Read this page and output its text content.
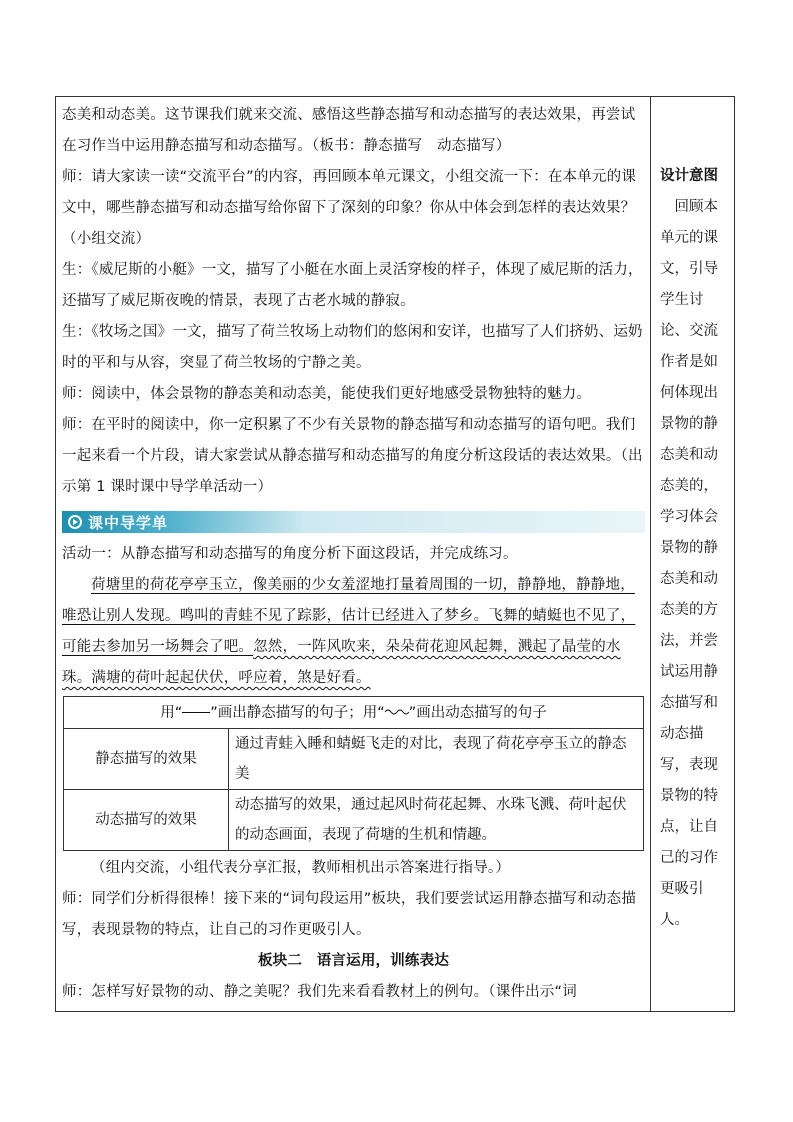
态美和动态美。这节课我们就来交流、感悟这些静态描写和动态描写的表达效果，再尝试在习作当中运用静态描写和动态描写。（板书：静态描写　动态描写）

师：请大家读一读“交流平台”的内容，再回顾本单元课文，小组交流一下：在本单元的课文中，哪些静态描写和动态描写给你留下了深刻的印象？你从中体会到怎样的表达效果？（小组交流）

生：《威尼斯的小艇》一文，描写了小艇在水面上灵活穿梭的样子，体现了威尼斯的活力，还描写了威尼斯夜晚的情景，表现了古老水城的静寂。

生：《牧场之国》一文，描写了荷兰牧场上动物们的悠闲和安详，也描写了人们挤奶、运奶时的平和与从容，突显了荷兰牧场的宁静之美。

师：阅读中，体会景物的静态美和动态美，能使我们更好地感受景物独特的魅力。

师：在平时的阅读中，你一定积累了不少有关景物的静态描写和动态描写的语句吧。我们一起来看一个片段，请大家尝试从静态描写和动态描写的角度分析这段话的表达效果。（出示第 1 课时课中导学单活动一）

课中导学单

活动一：从静态描写和动态描写的角度分析下面这段话，并完成练习。

荷塘里的荷花亭亭玉立，像美丽的少女羞涩地打量着周围的一切，静静地，静静地，唯恐让别人发现。鸣叫的青蛙不见了踪影，估计已经进入了梦乡。飞舞的蜻蜓也不见了，可能去参加另一场舞会了吧。忽然，一阵风吹来，朵朵荷花迎风起舞，溅起了晶莹的水珠。满塘的荷叶起起伏伏，呼应着，煞是好看。

用“ ”画出静态描写的句子；用“ ”画出动态描写的句子	
静态描写的效果	通过青蛙入睡和蜻蜓飞走的对比，表现了荷花亭亭玉立的静态美
动态描写的效果	动态描写的效果，通过起风时荷花起舞、水珠飞溅、荷叶起伏的动态画面，表现了荷塘的生机和情趣。

（组内交流，小组代表分享汇报，教师相机出示答案进行指导。）

师：同学们分析得很棒！接下来的“词句段运用”板块，我们要尝试运用静态描写和动态描写，表现景物的特点，让自己的习作更吸引人。

板块二　语言运用，训练表达

师：怎样写好景物的动、静之美呢？我们先来看看教材上的例句。（课件出示“词

设计意图
　回顾本单元的课文，引导学生讨论、交流作者是如何体现出景物的静态美和动态美的，学习体会景物的静态美和动态美的方法，并尝试运用静态描写和动态描写，表现景物的特点，让自己的习作更吸引人。
